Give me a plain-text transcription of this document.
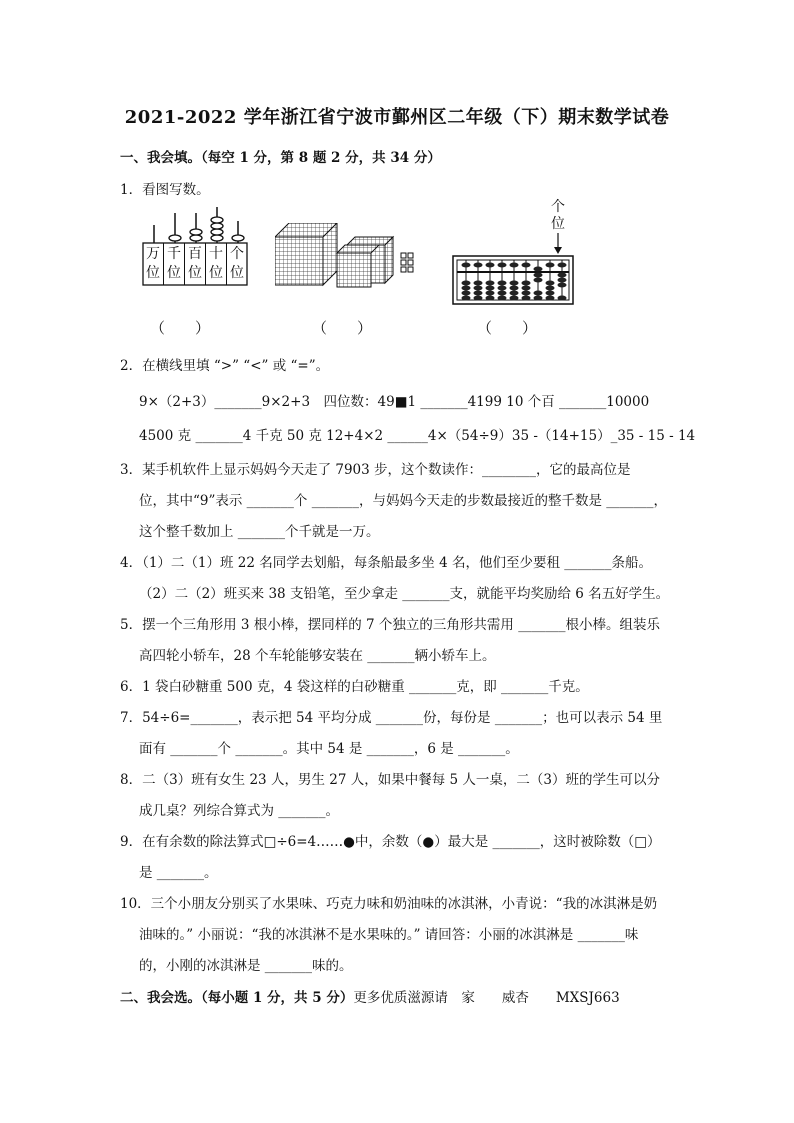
2021-2022 学年浙江省宁波市鄞州区二年级（下）期末数学试卷
一、我会填。（每空 1 分，第 8 题 2 分，共 34 分）
1．看图写数。
万
位
千
位
百
位
十
位
个
位
（　　）	（　　）
个
位
（　　）
2．在横线里填 “>” “<” 或 “=”。
9×（2+3）_______9×2+3　四位数：49■1 _______4199 10 个百 _______10000
4500 克 _______4 千克 50 克 12+4×2 ______4×（54÷9）35 -（14+15）_35 - 15 - 14
3．某手机软件上显示妈妈今天走了 7903 步，这个数读作：________，它的最高位是
位，其中“9”表示 _______个 _______，与妈妈今天走的步数最接近的整千数是 _______，
这个整千数加上 _______个千就是一万。
4．（1）二（1）班 22 名同学去划船，每条船最多坐 4 名，他们至少要租 _______条船。
（2）二（2）班买来 38 支铅笔，至少拿走 _______支，就能平均奖励给 6 名五好学生。
5．摆一个三角形用 3 根小棒，摆同样的 7 个独立的三角形共需用 _______根小棒。组装乐
高四轮小轿车，28 个车轮能够安装在 _______辆小轿车上。
6．1 袋白砂糖重 500 克，4 袋这样的白砂糖重 _______克，即 _______千克。
7．54÷6=_______，表示把 54 平均分成 _______份，每份是 _______；也可以表示 54 里
面有 _______个 _______。其中 54 是 _______，6 是 _______。
8．二（3）班有女生 23 人，男生 27 人，如果中餐每 5 人一桌，二（3）班的学生可以分
成几桌？列综合算式为 _______。
9．在有余数的除法算式□÷6=4……●中，余数（●）最大是 _______，这时被除数（□）
是 _______。
10．三个小朋友分别买了水果味、巧克力味和奶油味的冰淇淋，小青说：“我的冰淇淋是奶
油味的。” 小丽说：“我的冰淇淋不是水果味的。” 请回答：小丽的冰淇淋是 _______味
的，小刚的冰淇淋是 _______味的。
二、我会选。（每小题 1 分，共 5 分）更多优质滋源请　家　　威杏　　MXSJ663
